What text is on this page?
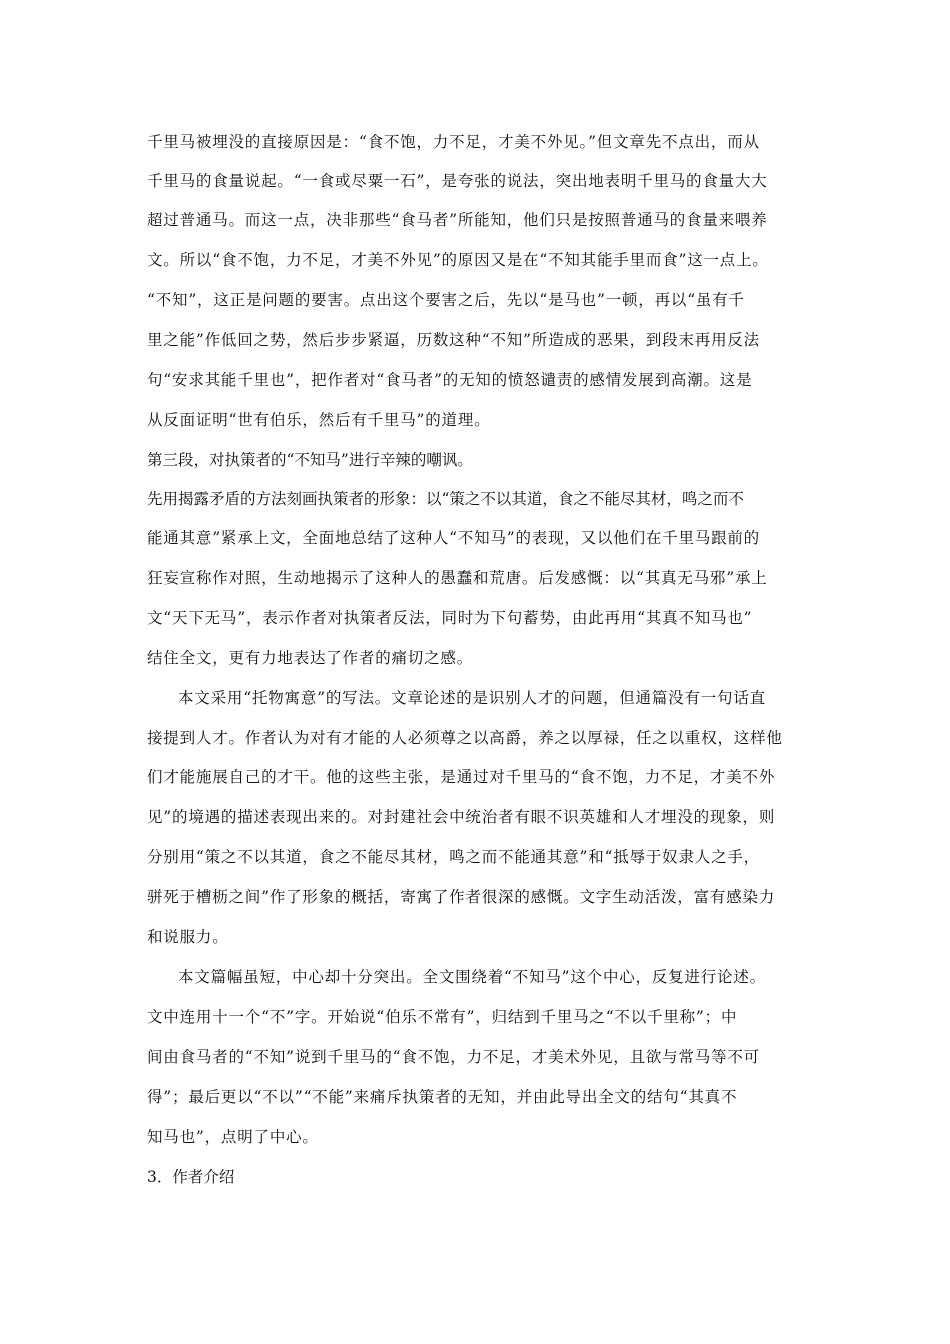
千里马被埋没的直接原因是：“食不饱，力不足，才美不外见。”但文章先不点出，而从
千里马的食量说起。“一食或尽粟一石”，是夸张的说法，突出地表明千里马的食量大大
超过普通马。而这一点，决非那些“食马者”所能知，他们只是按照普通马的食量来喂养
文。所以“食不饱，力不足，才美不外见”的原因又是在“不知其能手里而食”这一点上。
“不知”，这正是问题的要害。点出这个要害之后，先以“是马也”一顿，再以“虽有千
里之能”作低回之势，然后步步紧逼，历数这种“不知”所造成的恶果，到段末再用反法
句“安求其能千里也”，把作者对“食马者”的无知的愤怒谴责的感情发展到高潮。这是
从反面证明“世有伯乐，然后有千里马”的道理。
第三段，对执策者的“不知马”进行辛辣的嘲讽。
先用揭露矛盾的方法刻画执策者的形象：以“策之不以其道，食之不能尽其材，鸣之而不
能通其意”紧承上文，全面地总结了这种人“不知马”的表现，又以他们在千里马跟前的
狂妄宣称作对照，生动地揭示了这种人的愚蠢和荒唐。后发感慨：以“其真无马邪”承上
文“天下无马”，表示作者对执策者反法，同时为下句蓄势，由此再用“其真不知马也”
结住全文，更有力地表达了作者的痛切之感。
本文采用“托物寓意”的写法。文章论述的是识别人才的问题，但通篇没有一句话直
接提到人才。作者认为对有才能的人必须尊之以高爵，养之以厚禄，任之以重权，这样他
们才能施展自己的才干。他的这些主张，是通过对千里马的“食不饱，力不足，才美不外
见”的境遇的描述表现出来的。对封建社会中统治者有眼不识英雄和人才埋没的现象，则
分别用“策之不以其道，食之不能尽其材，鸣之而不能通其意”和“抵辱于奴隶人之手，
骈死于槽枥之间”作了形象的概括，寄寓了作者很深的感慨。文字生动活泼，富有感染力
和说服力。
本文篇幅虽短，中心却十分突出。全文围绕着“不知马”这个中心，反复进行论述。
文中连用十一个“不”字。开始说“伯乐不常有”，归结到千里马之“不以千里称”；中
间由食马者的“不知”说到千里马的“食不饱，力不足，才美术外见，且欲与常马等不可
得”；最后更以“不以”“不能”来痛斥执策者的无知，并由此导出全文的结句“其真不
知马也”，点明了中心。
3．作者介绍
